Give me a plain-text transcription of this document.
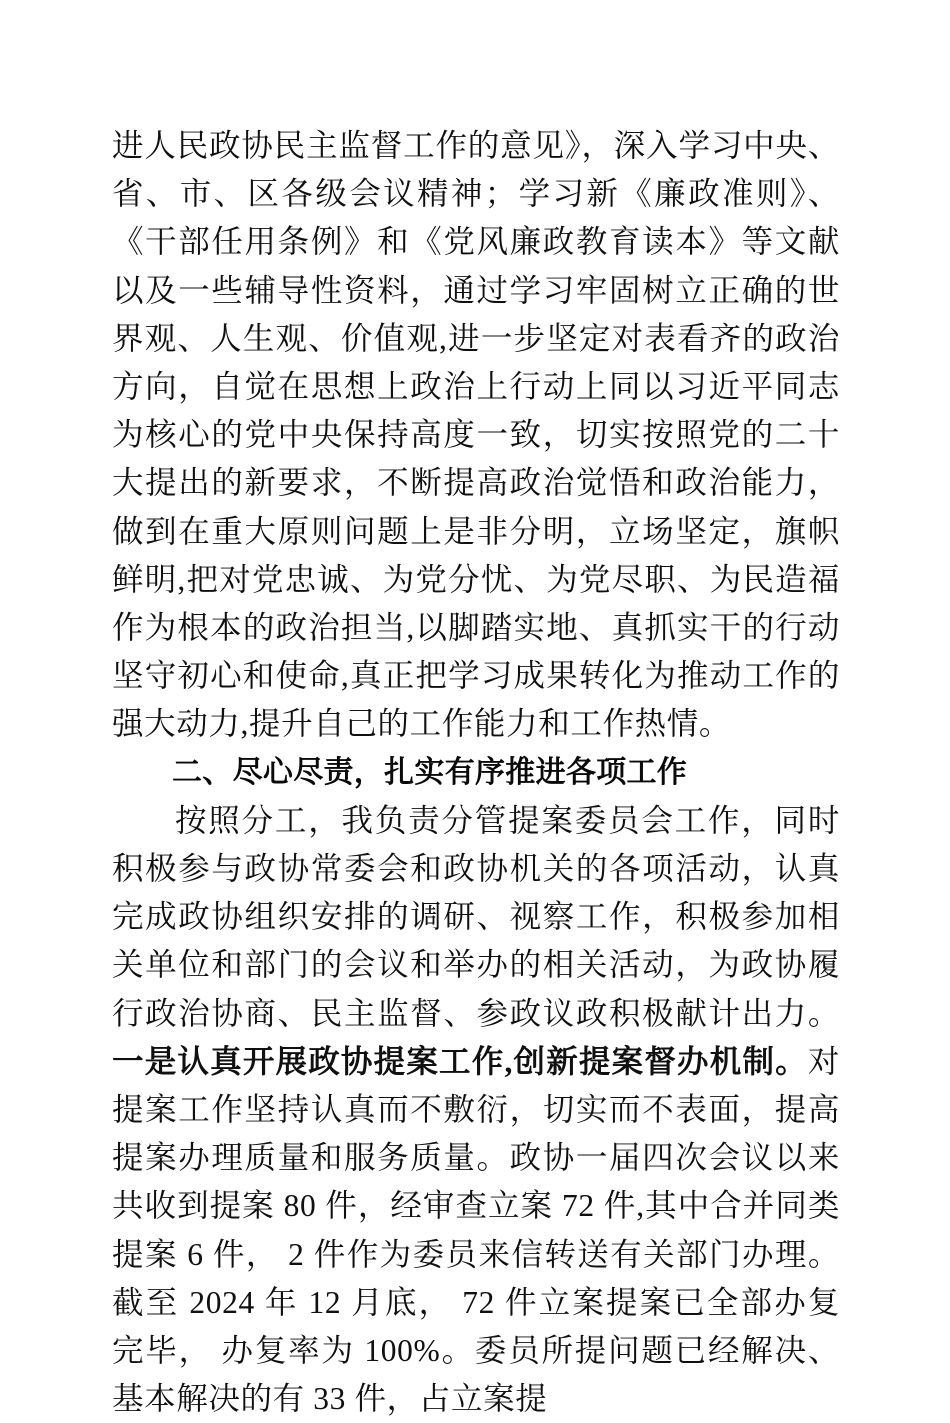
进人民政协民主监督工作的意见》，深入学习中央、省、市、区各级会议精神；学习新《廉政准则》、《干部任用条例》和《党风廉政教育读本》等文献以及一些辅导性资料，通过学习牢固树立正确的世界观、人生观、价值观,进一步坚定对表看齐的政治方向，自觉在思想上政治上行动上同以习近平同志为核心的党中央保持高度一致，切实按照党的二十大提出的新要求，不断提高政治觉悟和政治能力，做到在重大原则问题上是非分明，立场坚定，旗帜鲜明,把对党忠诚、为党分忧、为党尽职、为民造福作为根本的政治担当,以脚踏实地、真抓实干的行动坚守初心和使命,真正把学习成果转化为推动工作的强大动力,提升自己的工作能力和工作热情。

二、尽心尽责，扎实有序推进各项工作

按照分工，我负责分管提案委员会工作，同时积极参与政协常委会和政协机关的各项活动，认真完成政协组织安排的调研、视察工作，积极参加相关单位和部门的会议和举办的相关活动，为政协履行政治协商、民主监督、参政议政积极献计出力。一是认真开展政协提案工作,创新提案督办机制。对提案工作坚持认真而不敷衍，切实而不表面，提高提案办理质量和服务质量。政协一届四次会议以来共收到提案 80 件，经审查立案 72 件,其中合并同类提案 6 件， 2 件作为委员来信转送有关部门办理。截至 2024 年 12 月底， 72 件立案提案已全部办复完毕， 办复率为 100%。委员所提问题已经解决、基本解决的有 33 件，占立案提
